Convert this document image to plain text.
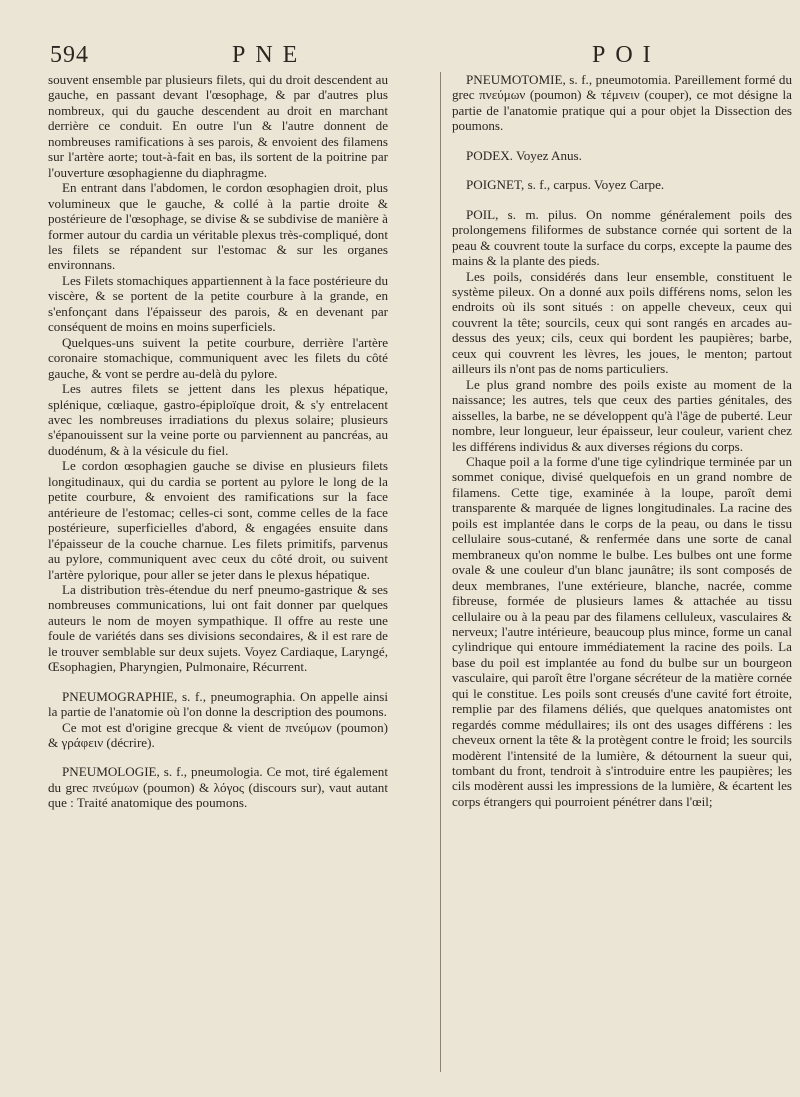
594	PNE	POI

souvent ensemble par plusieurs filets, qui du droit descendent au gauche, en passant devant l'œsophage, & par d'autres plus nombreux, qui du gauche descendent au droit en marchant derrière ce conduit. En outre l'un & l'autre donnent de nombreuses ramifications à ses parois, & envoient des filamens sur l'artère aorte; tout-à-fait en bas, ils sortent de la poitrine par l'ouverture œsophagienne du diaphragme.

En entrant dans l'abdomen, le cordon œsophagien droit, plus volumineux que le gauche, & collé à la partie droite & postérieure de l'œsophage, se divise & se subdivise de manière à former autour du cardia un véritable plexus très-compliqué, dont les filets se répandent sur l'estomac & sur les organes environnans.

Les Filets stomachiques appartiennent à la face postérieure du viscère, & se portent de la petite courbure à la grande, en s'enfonçant dans l'épaisseur des parois, & en devenant par conséquent de moins en moins superficiels.

Quelques-uns suivent la petite courbure, derrière l'artère coronaire stomachique, communiquent avec les filets du côté gauche, & vont se perdre au-delà du pylore.

Les autres filets se jettent dans les plexus hépatique, splénique, cœliaque, gastro-épiploïque droit, & s'y entrelacent avec les nombreuses irradiations du plexus solaire; plusieurs s'épanouissent sur la veine porte ou parviennent au pancréas, au duodénum, & à la vésicule du fiel.

Le cordon œsophagien gauche se divise en plusieurs filets longitudinaux, qui du cardia se portent au pylore le long de la petite courbure, & envoient des ramifications sur la face antérieure de l'estomac; celles-ci sont, comme celles de la face postérieure, superficielles d'abord, & engagées ensuite dans l'épaisseur de la couche charnue. Les filets primitifs, parvenus au pylore, communiquent avec ceux du côté droit, ou suivent l'artère pylorique, pour aller se jeter dans le plexus hépatique.

La distribution très-étendue du nerf pneumo-gastrique & ses nombreuses communications, lui ont fait donner par quelques auteurs le nom de moyen sympathique. Il offre au reste une foule de variétés dans ses divisions secondaires, & il est rare de le trouver semblable sur deux sujets. Voyez Cardiaque, Laryngé, Œsophagien, Pharyngien, Pulmonaire, Récurrent.

PNEUMOGRAPHIE, s. f., pneumographia. On appelle ainsi la partie de l'anatomie où l'on donne la description des poumons.

Ce mot est d'origine grecque & vient de πνεύμων (poumon) & γράφειν (décrire).

PNEUMOLOGIE, s. f., pneumologia. Ce mot, tiré également du grec πνεύμων (poumon) & λόγος (discours sur), vaut autant que : Traité anatomique des poumons.

PNEUMOTOMIE, s. f., pneumotomia. Pareillement formé du grec πνεύμων (poumon) & τέμνειν (couper), ce mot désigne la partie de l'anatomie pratique qui a pour objet la Dissection des poumons.

PODEX. Voyez Anus.

POIGNET, s. f., carpus. Voyez Carpe.

POIL, s. m. pilus. On nomme généralement poils des prolongemens filiformes de substance cornée qui sortent de la peau & couvrent toute la surface du corps, excepte la paume des mains & la plante des pieds.

Les poils, considérés dans leur ensemble, constituent le système pileux. On a donné aux poils différens noms, selon les endroits où ils sont situés : on appelle cheveux, ceux qui couvrent la tête; sourcils, ceux qui sont rangés en arcades au-dessus des yeux; cils, ceux qui bordent les paupières; barbe, ceux qui couvrent les lèvres, les joues, le menton; partout ailleurs ils n'ont pas de noms particuliers.

Le plus grand nombre des poils existe au moment de la naissance; les autres, tels que ceux des parties génitales, des aisselles, la barbe, ne se développent qu'à l'âge de puberté. Leur nombre, leur longueur, leur épaisseur, leur couleur, varient chez les différens individus & aux diverses régions du corps.

Chaque poil a la forme d'une tige cylindrique terminée par un sommet conique, divisé quelquefois en un grand nombre de filamens. Cette tige, examinée à la loupe, paroît demi transparente & marquée de lignes longitudinales. La racine des poils est implantée dans le corps de la peau, ou dans le tissu cellulaire sous-cutané, & renfermée dans une sorte de canal membraneux qu'on nomme le bulbe. Les bulbes ont une forme ovale & une couleur d'un blanc jaunâtre; ils sont composés de deux membranes, l'une extérieure, blanche, nacrée, comme fibreuse, formée de plusieurs lames & attachée au tissu cellulaire ou à la peau par des filamens celluleux, vasculaires & nerveux; l'autre intérieure, beaucoup plus mince, forme un canal cylindrique qui entoure immédiatement la racine des poils. La base du poil est implantée au fond du bulbe sur un bourgeon vasculaire, qui paroît être l'organe sécréteur de la matière cornée qui le constitue. Les poils sont creusés d'une cavité fort étroite, remplie par des filamens déliés, que quelques anatomistes ont regardés comme médullaires; ils ont des usages différens : les cheveux ornent la tête & la protègent contre le froid; les sourcils modèrent l'intensité de la lumière, & détournent la sueur qui, tombant du front, tendroit à s'introduire entre les paupières; les cils modèrent aussi les impressions de la lumière, & écartent les corps étrangers qui pourroient pénétrer dans l'œil;
